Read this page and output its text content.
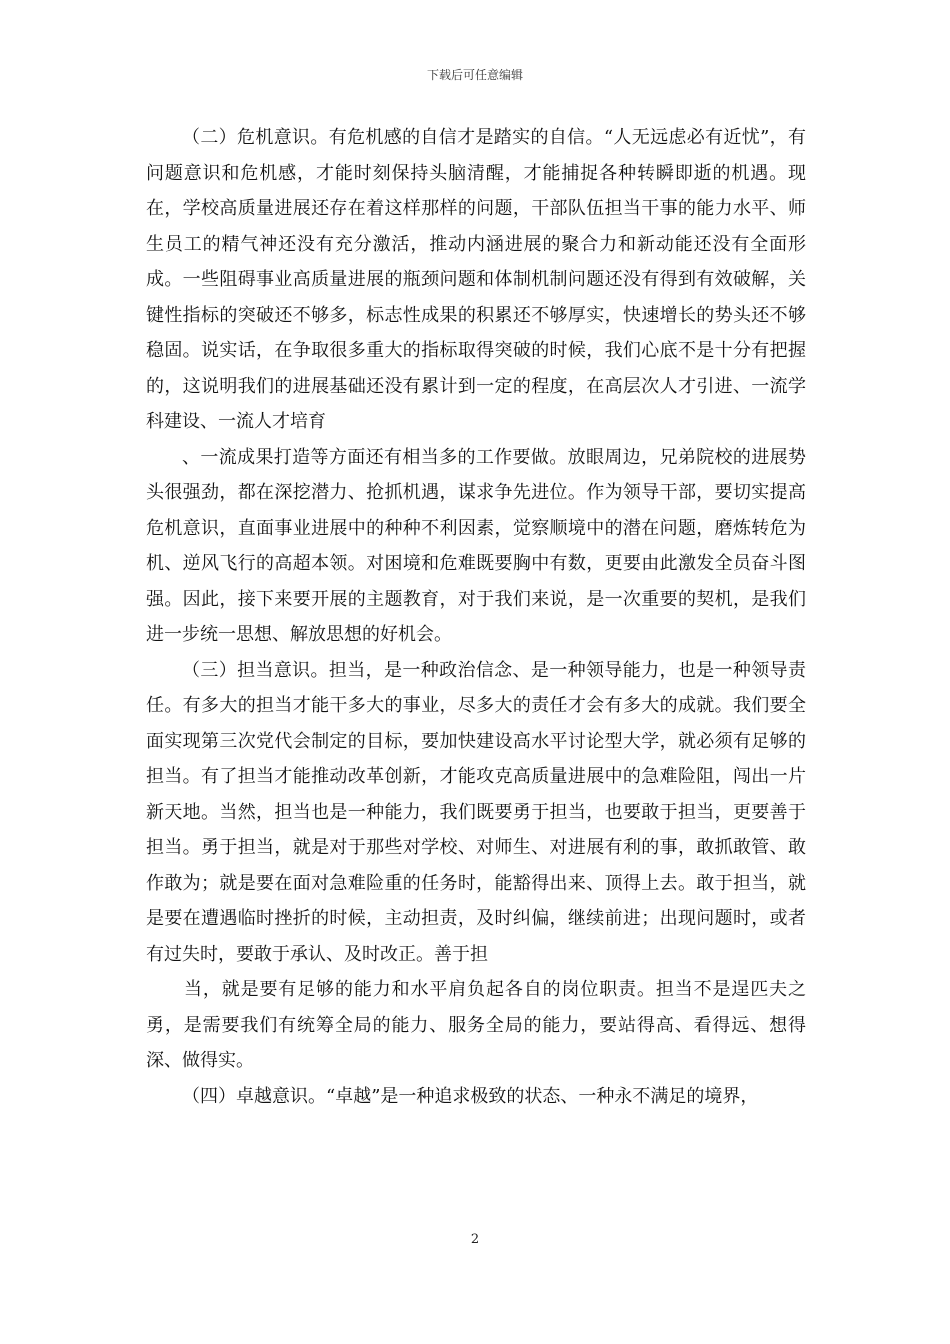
下载后可任意编辑

（二）危机意识。有危机感的自信才是踏实的自信。“人无远虑必有近忧”，有问题意识和危机感，才能时刻保持头脑清醒，才能捕捉各种转瞬即逝的机遇。现在，学校高质量进展还存在着这样那样的问题，干部队伍担当干事的能力水平、师生员工的精气神还没有充分激活，推动内涵进展的聚合力和新动能还没有全面形成。一些阻碍事业高质量进展的瓶颈问题和体制机制问题还没有得到有效破解，关键性指标的突破还不够多，标志性成果的积累还不够厚实，快速增长的势头还不够稳固。说实话，在争取很多重大的指标取得突破的时候，我们心底不是十分有把握的，这说明我们的进展基础还没有累计到一定的程度，在高层次人才引进、一流学科建设、一流人才培育

、一流成果打造等方面还有相当多的工作要做。放眼周边，兄弟院校的进展势头很强劲，都在深挖潜力、抢抓机遇，谋求争先进位。作为领导干部，要切实提高危机意识，直面事业进展中的种种不利因素，觉察顺境中的潜在问题，磨炼转危为机、逆风飞行的高超本领。对困境和危难既要胸中有数，更要由此激发全员奋斗图强。因此，接下来要开展的主题教育，对于我们来说，是一次重要的契机，是我们进一步统一思想、解放思想的好机会。

（三）担当意识。担当，是一种政治信念、是一种领导能力，也是一种领导责任。有多大的担当才能干多大的事业，尽多大的责任才会有多大的成就。我们要全面实现第三次党代会制定的目标，要加快建设高水平讨论型大学，就必须有足够的担当。有了担当才能推动改革创新，才能攻克高质量进展中的急难险阻，闯出一片新天地。当然，担当也是一种能力，我们既要勇于担当，也要敢于担当，更要善于担当。勇于担当，就是对于那些对学校、对师生、对进展有利的事，敢抓敢管、敢作敢为；就是要在面对急难险重的任务时，能豁得出来、顶得上去。敢于担当，就是要在遭遇临时挫折的时候，主动担责，及时纠偏，继续前进；出现问题时，或者有过失时，要敢于承认、及时改正。善于担

当，就是要有足够的能力和水平肩负起各自的岗位职责。担当不是逞匹夫之勇，是需要我们有统筹全局的能力、服务全局的能力，要站得高、看得远、想得深、做得实。

（四）卓越意识。“卓越”是一种追求极致的状态、一种永不满足的境界，

2
